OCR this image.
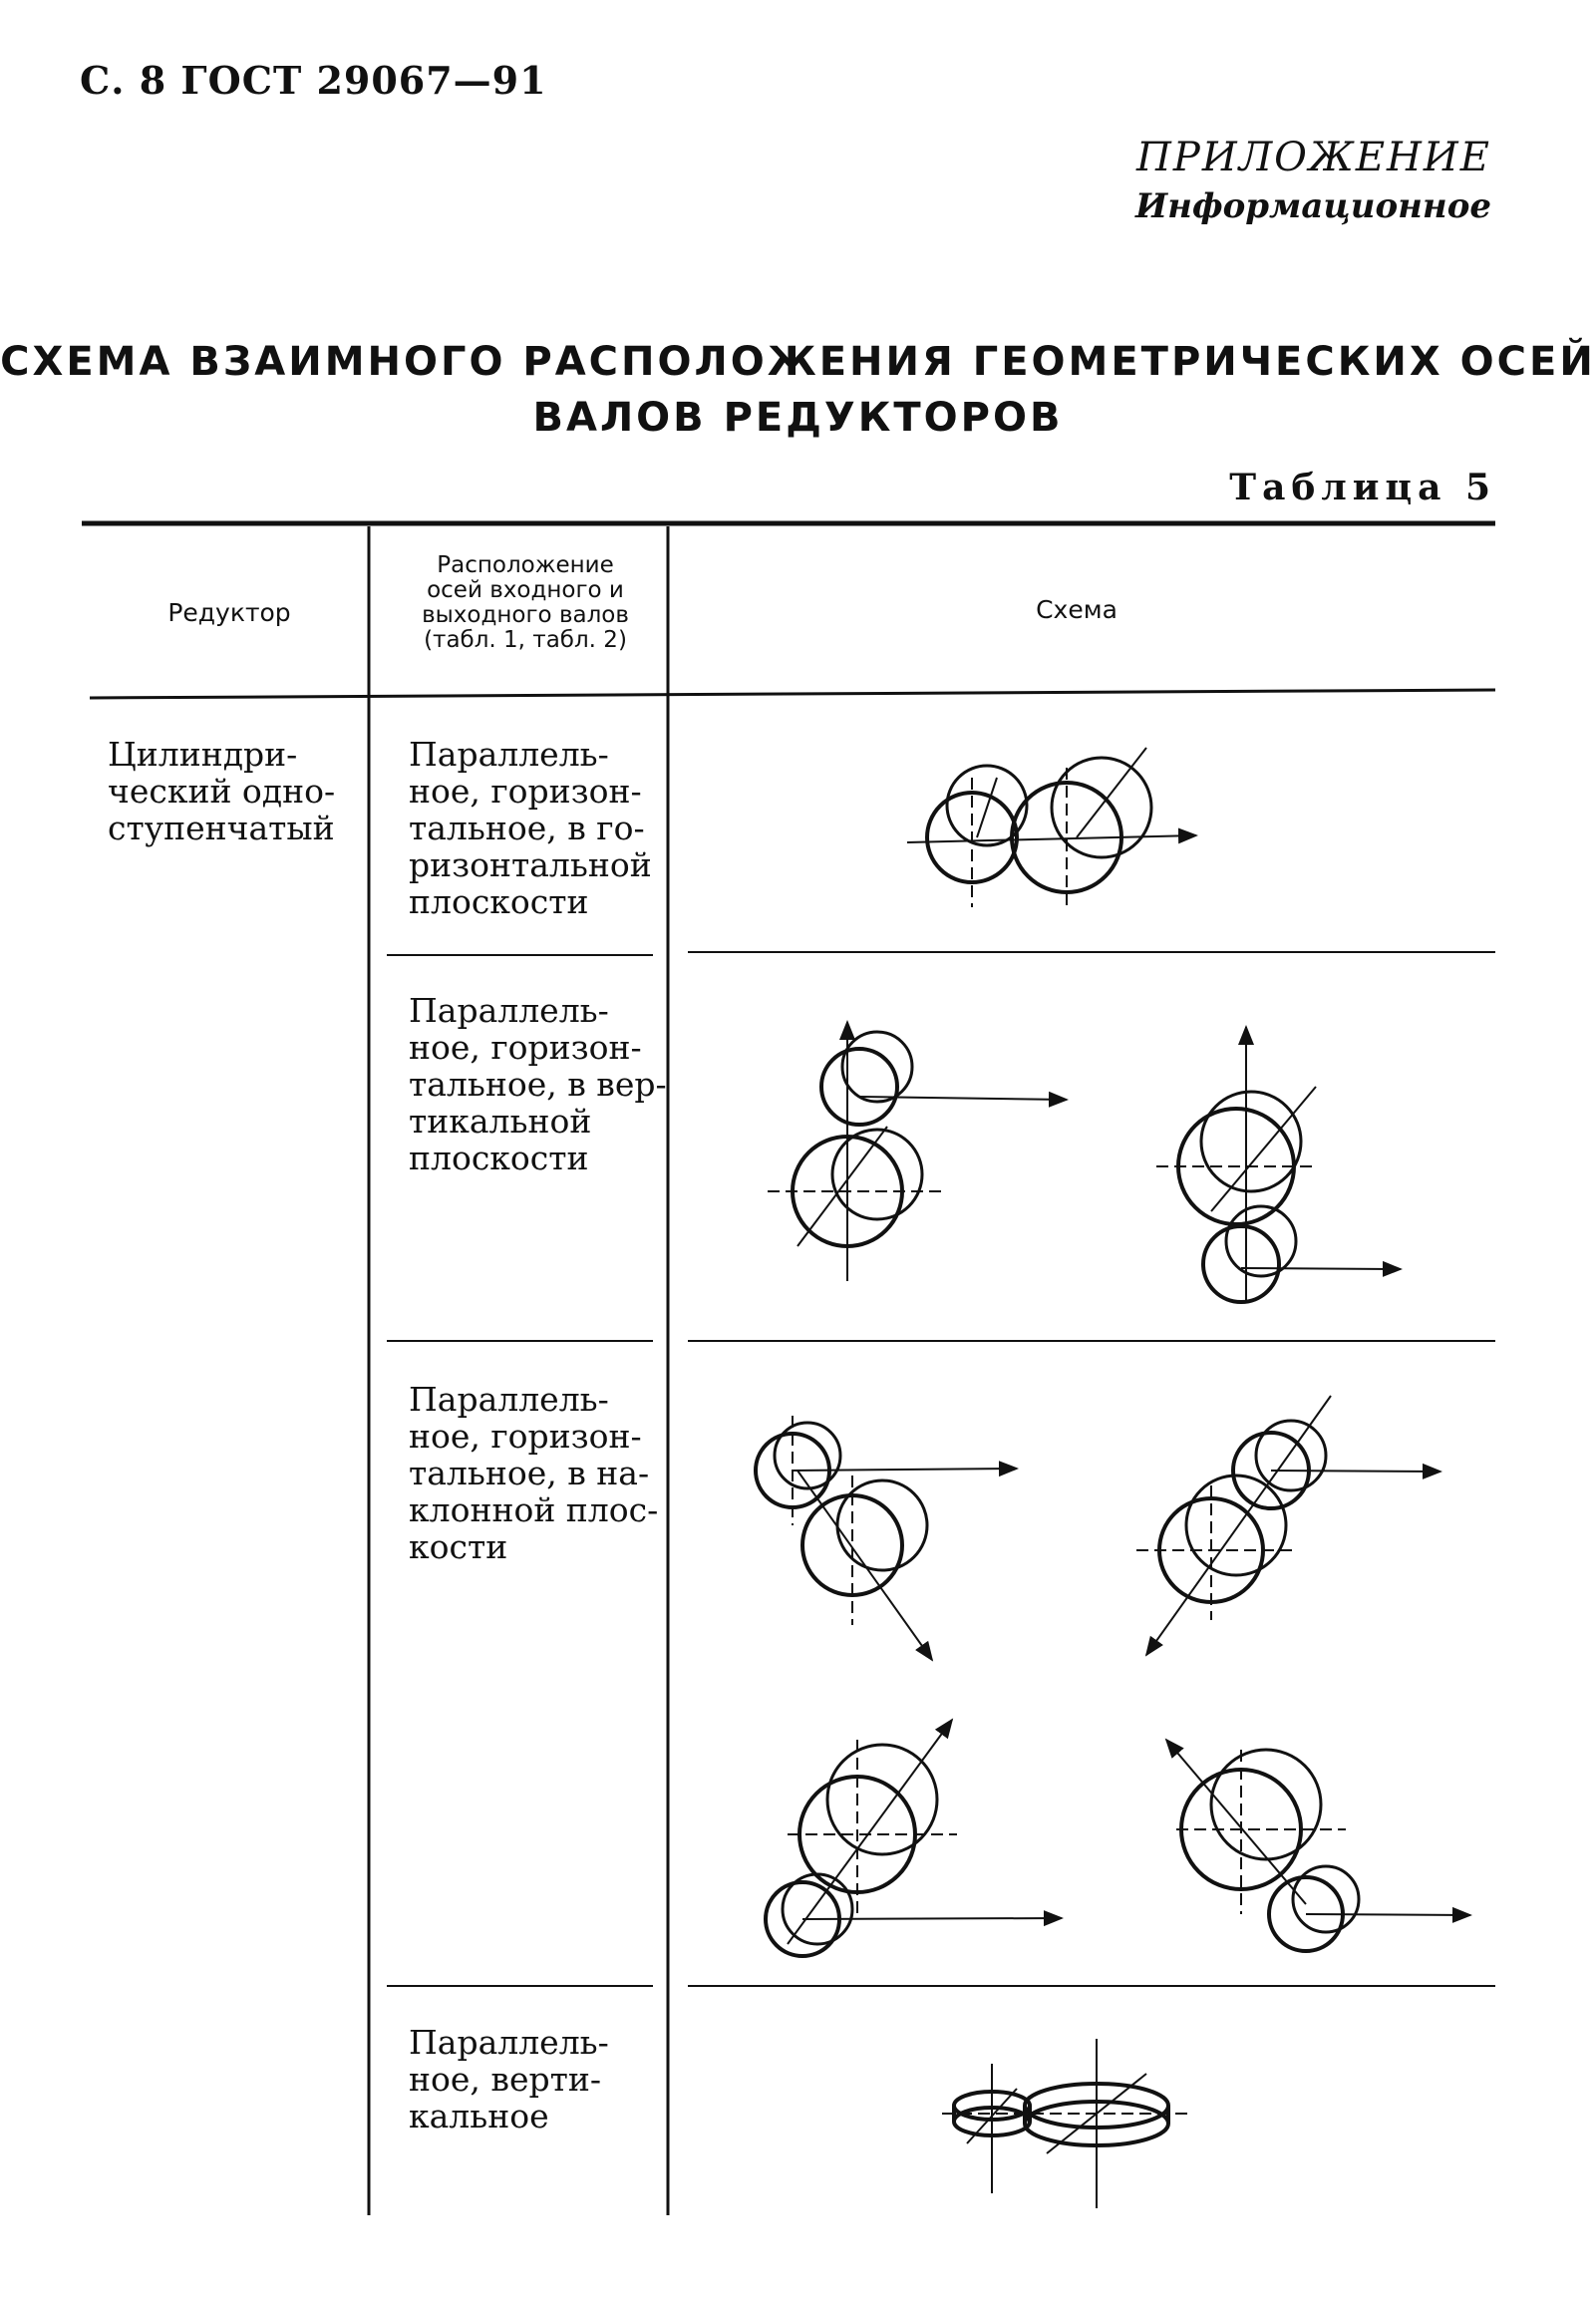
С. 8 ГОСТ 29067—91
ПРИЛОЖЕНИЕ
Информационное
СХЕМА ВЗАИМНОГО РАСПОЛОЖЕНИЯ ГЕОМЕТРИЧЕСКИХ ОСЕЙ
ВАЛОВ РЕДУКТОРОВ
Таблица 5
Редуктор
Расположение
осей входного и
выходного валов
(табл. 1, табл. 2)
Схема
Цилиндри-
ческий одно-
ступенчатый
Параллель-
ное, горизон-
тальное, в го-
ризонтальной
плоскости
Параллель-
ное, горизон-
тальное, в вер-
тикальной
плоскости
Параллель-
ное, горизон-
тальное, в на-
клонной плос-
кости
Параллель-
ное, верти-
кальное
